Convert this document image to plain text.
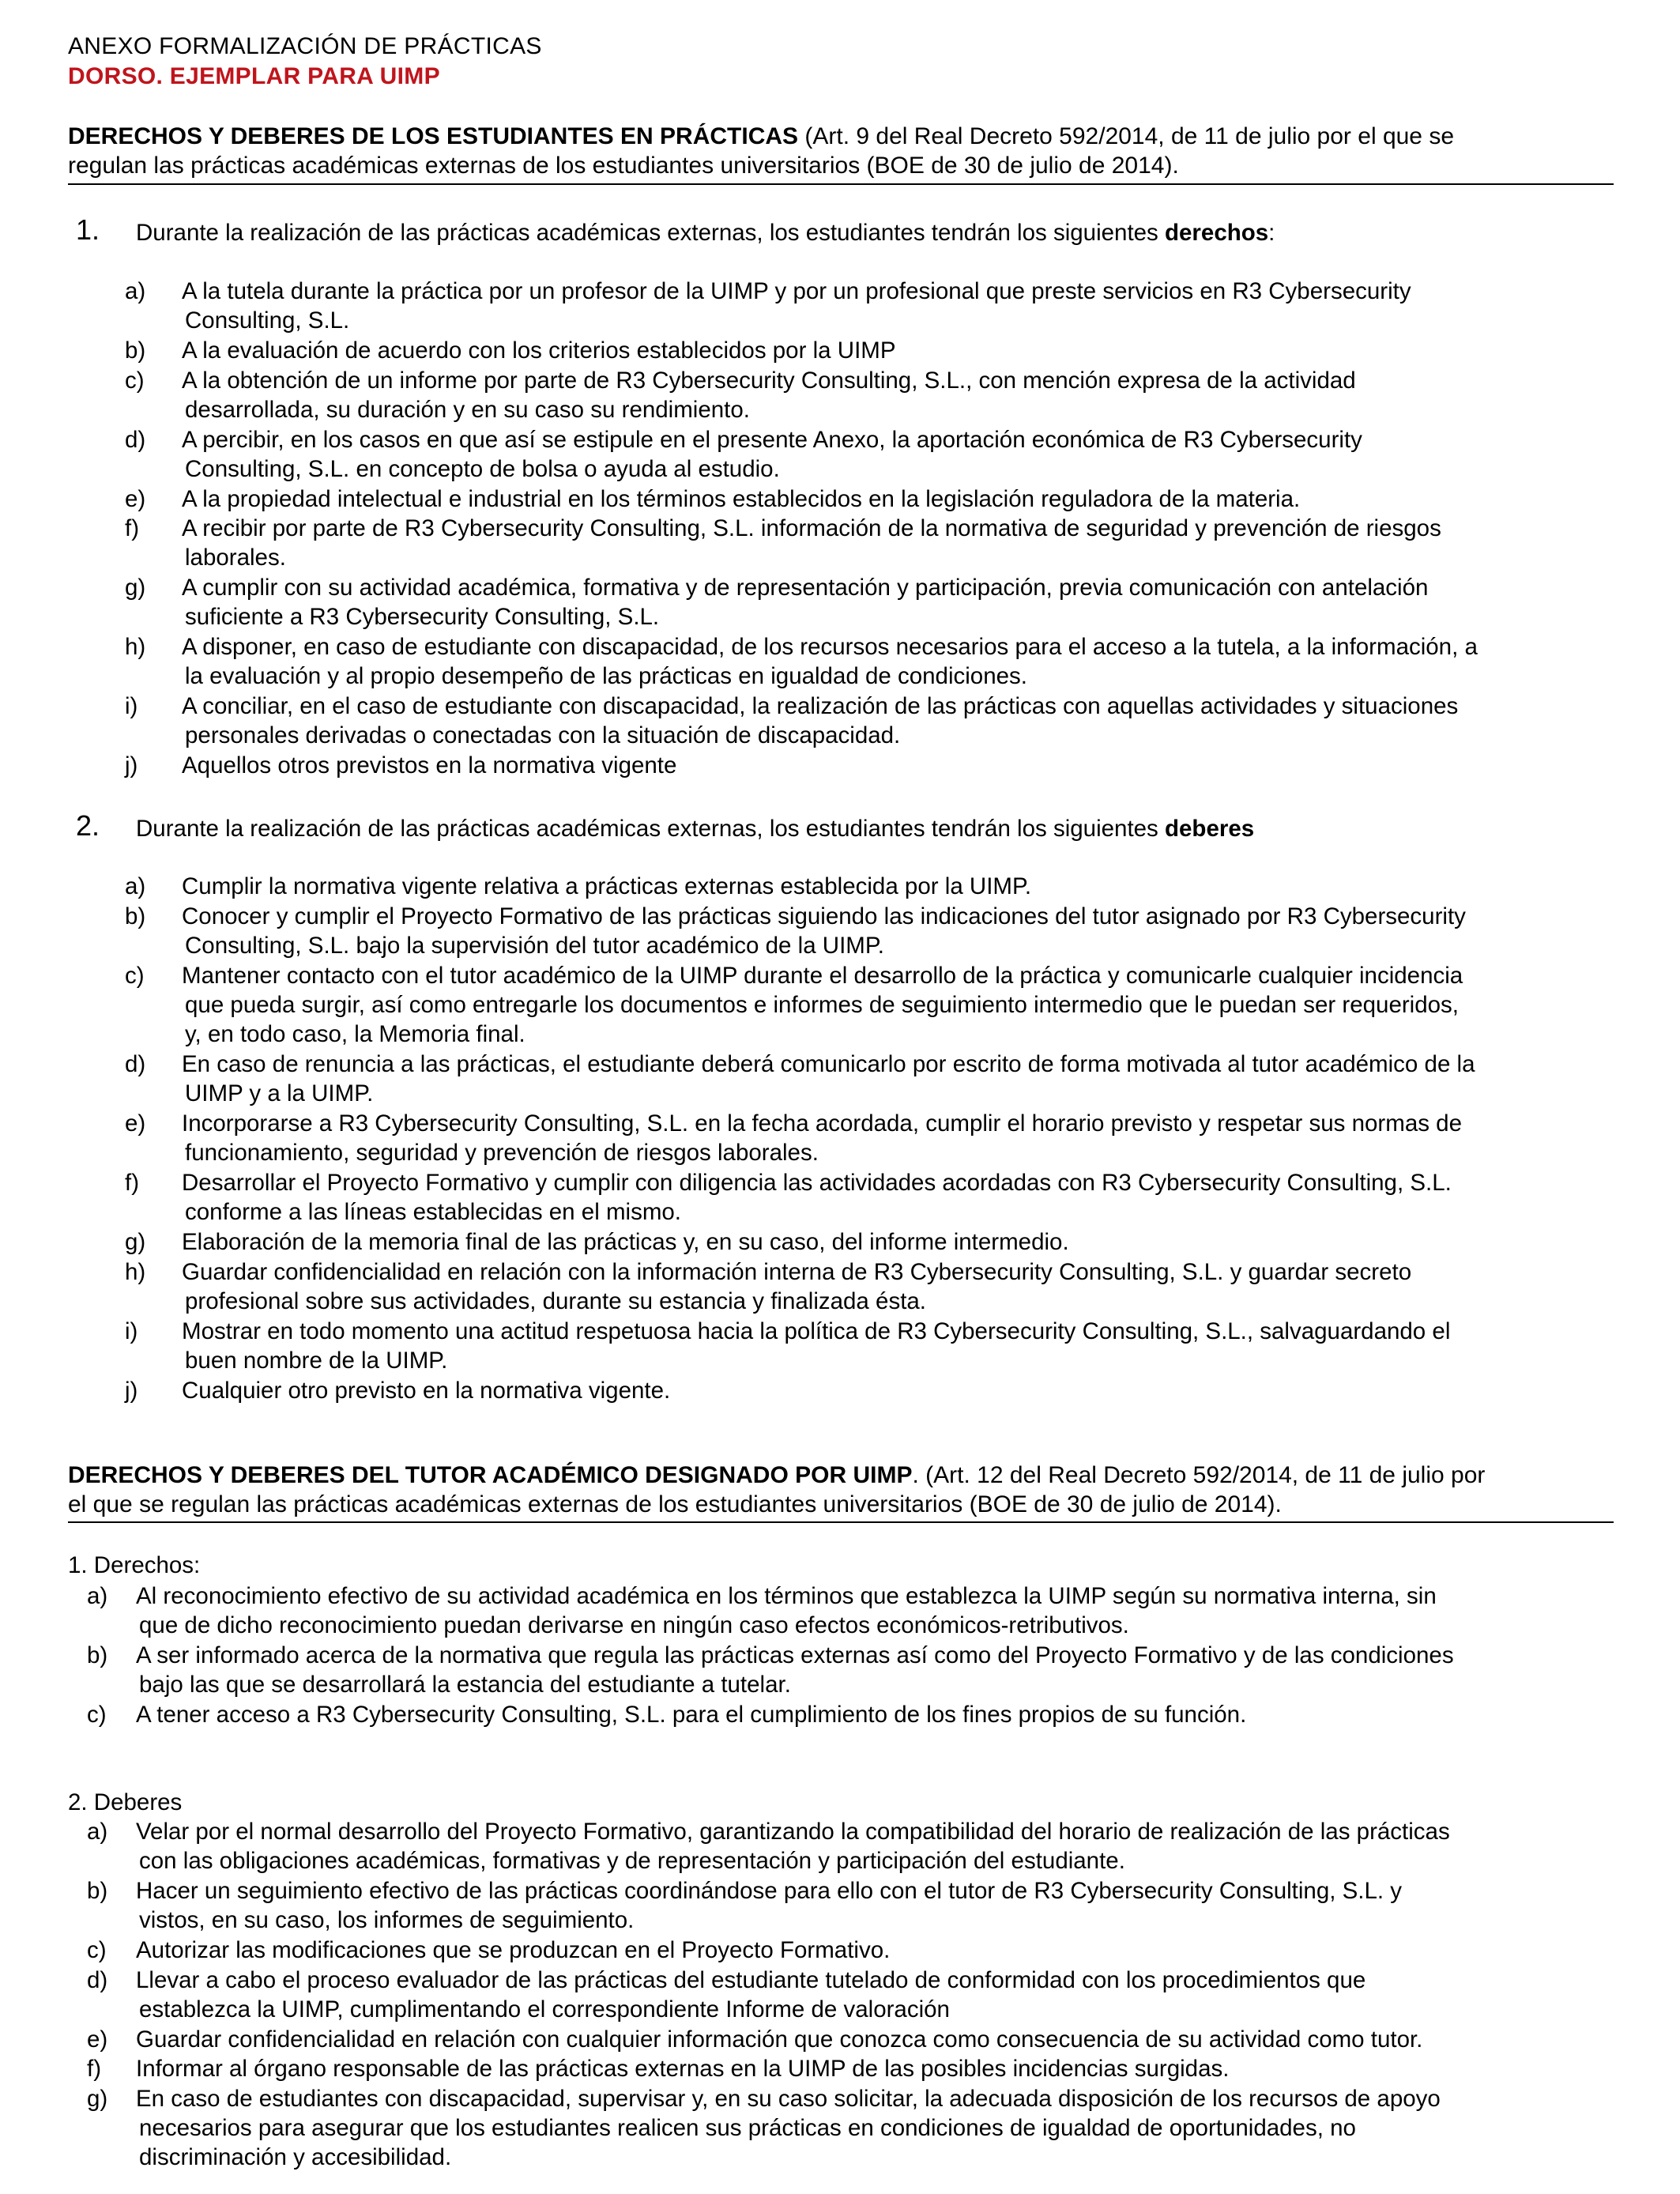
ANEXO FORMALIZACIÓN DE PRÁCTICAS
DORSO. EJEMPLAR PARA UIMP
DERECHOS Y DEBERES DE LOS ESTUDIANTES EN PRÁCTICAS (Art. 9 del Real Decreto 592/2014, de 11 de julio por el que se
regulan las prácticas académicas externas de los estudiantes universitarios (BOE de 30 de julio de 2014).
1. Durante la realización de las prácticas académicas externas, los estudiantes tendrán los siguientes derechos:
a) A la tutela durante la práctica por un profesor de la UIMP y por un profesional que preste servicios en R3 Cybersecurity
Consulting, S.L.
b) A la evaluación de acuerdo con los criterios establecidos por la UIMP
c) A la obtención de un informe por parte de R3 Cybersecurity Consulting, S.L., con mención expresa de la actividad
desarrollada, su duración y en su caso su rendimiento.
d) A percibir, en los casos en que así se estipule en el presente Anexo, la aportación económica de R3 Cybersecurity
Consulting, S.L. en concepto de bolsa o ayuda al estudio.
e) A la propiedad intelectual e industrial en los términos establecidos en la legislación reguladora de la materia.
f) A recibir por parte de R3 Cybersecurity Consulting, S.L. información de la normativa de seguridad y prevención de riesgos
laborales.
g) A cumplir con su actividad académica, formativa y de representación y participación, previa comunicación con antelación
suficiente a R3 Cybersecurity Consulting, S.L.
h) A disponer, en caso de estudiante con discapacidad, de los recursos necesarios para el acceso a la tutela, a la información, a
la evaluación y al propio desempeño de las prácticas en igualdad de condiciones.
i) A conciliar, en el caso de estudiante con discapacidad, la realización de las prácticas con aquellas actividades y situaciones
personales derivadas o conectadas con la situación de discapacidad.
j) Aquellos otros previstos en la normativa vigente
2. Durante la realización de las prácticas académicas externas, los estudiantes tendrán los siguientes deberes
a) Cumplir la normativa vigente relativa a prácticas externas establecida por la UIMP.
b) Conocer y cumplir el Proyecto Formativo de las prácticas siguiendo las indicaciones del tutor asignado por R3 Cybersecurity
Consulting, S.L. bajo la supervisión del tutor académico de la UIMP.
c) Mantener contacto con el tutor académico de la UIMP durante el desarrollo de la práctica y comunicarle cualquier incidencia
que pueda surgir, así como entregarle los documentos e informes de seguimiento intermedio que le puedan ser requeridos,
y, en todo caso, la Memoria final.
d) En caso de renuncia a las prácticas, el estudiante deberá comunicarlo por escrito de forma motivada al tutor académico de la
UIMP y a la UIMP.
e) Incorporarse a R3 Cybersecurity Consulting, S.L. en la fecha acordada, cumplir el horario previsto y respetar sus normas de
funcionamiento, seguridad y prevención de riesgos laborales.
f) Desarrollar el Proyecto Formativo y cumplir con diligencia las actividades acordadas con R3 Cybersecurity Consulting, S.L.
conforme a las líneas establecidas en el mismo.
g) Elaboración de la memoria final de las prácticas y, en su caso, del informe intermedio.
h) Guardar confidencialidad en relación con la información interna de R3 Cybersecurity Consulting, S.L. y guardar secreto
profesional sobre sus actividades, durante su estancia y finalizada ésta.
i) Mostrar en todo momento una actitud respetuosa hacia la política de R3 Cybersecurity Consulting, S.L., salvaguardando el
buen nombre de la UIMP.
j) Cualquier otro previsto en la normativa vigente.
DERECHOS Y DEBERES DEL TUTOR ACADÉMICO DESIGNADO POR UIMP. (Art. 12 del Real Decreto 592/2014, de 11 de julio por
el que se regulan las prácticas académicas externas de los estudiantes universitarios (BOE de 30 de julio de 2014).
1. Derechos:
a) Al reconocimiento efectivo de su actividad académica en los términos que establezca la UIMP según su normativa interna, sin
que de dicho reconocimiento puedan derivarse en ningún caso efectos económicos-retributivos.
b) A ser informado acerca de la normativa que regula las prácticas externas así como del Proyecto Formativo y de las condiciones
bajo las que se desarrollará la estancia del estudiante a tutelar.
c) A tener acceso a R3 Cybersecurity Consulting, S.L. para el cumplimiento de los fines propios de su función.
2. Deberes
a) Velar por el normal desarrollo del Proyecto Formativo, garantizando la compatibilidad del horario de realización de las prácticas
con las obligaciones académicas, formativas y de representación y participación del estudiante.
b) Hacer un seguimiento efectivo de las prácticas coordinándose para ello con el tutor de R3 Cybersecurity Consulting, S.L. y
vistos, en su caso, los informes de seguimiento.
c) Autorizar las modificaciones que se produzcan en el Proyecto Formativo.
d) Llevar a cabo el proceso evaluador de las prácticas del estudiante tutelado de conformidad con los procedimientos que
establezca la UIMP, cumplimentando el correspondiente Informe de valoración
e) Guardar confidencialidad en relación con cualquier información que conozca como consecuencia de su actividad como tutor.
f) Informar al órgano responsable de las prácticas externas en la UIMP de las posibles incidencias surgidas.
g) En caso de estudiantes con discapacidad, supervisar y, en su caso solicitar, la adecuada disposición de los recursos de apoyo
necesarios para asegurar que los estudiantes realicen sus prácticas en condiciones de igualdad de oportunidades, no
discriminación y accesibilidad.
